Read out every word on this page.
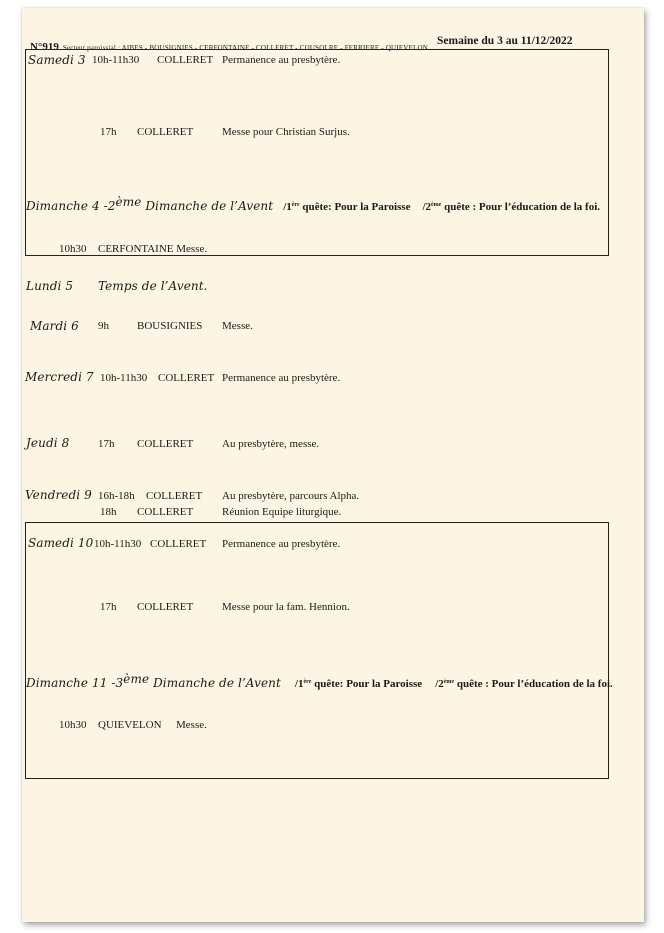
N°919 Secteur paroissial : AIBES - BOUSIGNIES - CERFONTAINE - COLLERET - COUSOLRE - FERRIERE - QUIEVELON
Semaine du 3 au 11/12/2022
Samedi 3 10h-11h30 COLLERET Permanence au presbytère.
17h COLLERET	Messe pour Christian Surjus.
Dimanche 4 -2ème Dimanche de l’Avent /1ère quête: Pour la Paroisse /2ème quête : Pour l’éducation de la foi.
10h30 CERFONTAINE Messe.
Lundi 5 Temps de l’Avent.
Mardi 6 9h	BOUSIGNIES Messe.
Mercredi 7 10h-11h30 COLLERET Permanence au presbytère.
Jeudi 8	17h COLLERET	Au presbytère, messe.
Vendredi 9 16h-18h COLLERET Au presbytère, parcours Alpha.
18h COLLERET	Réunion Equipe liturgique.
Samedi 10 10h-11h30 COLLERET Permanence au presbytère.
17h COLLERET	Messe pour la fam. Hennion.
Dimanche 11 -3ème Dimanche de l’Avent /1ère quête: Pour la Paroisse /2ème quête : Pour l’éducation de la foi.
10h30 QUIEVELON Messe.
